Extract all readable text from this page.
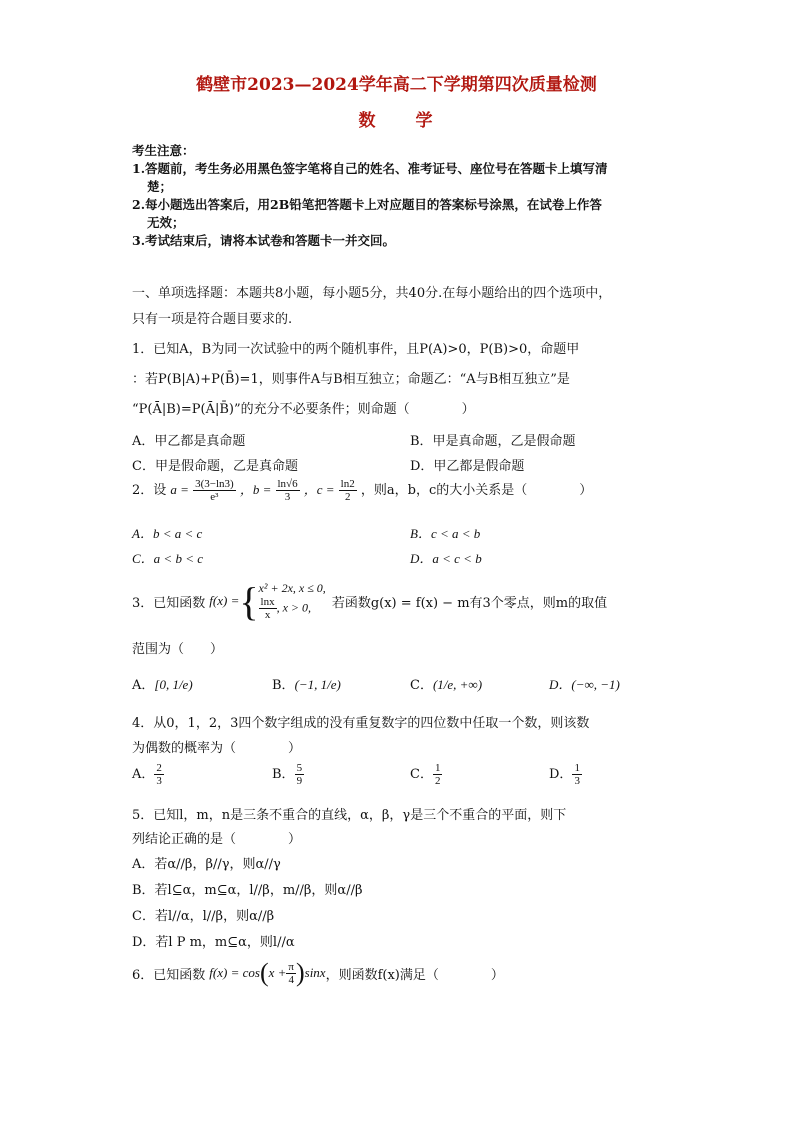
鹤壁市2023—2024学年高二下学期第四次质量检测
数　　学
考生注意：
1.答题前，考生务必用黑色签字笔将自己的姓名、准考证号、座位号在答题卡上填写清
楚；
2.每小题选出答案后，用2B铅笔把答题卡上对应题目的答案标号涂黑，在试卷上作答
无效；
3.考试结束后，请将本试卷和答题卡一并交回。
一、单项选择题：本题共8小题，每小题5分，共40分.在每小题给出的四个选项中，
只有一项是符合题目要求的.
1．已知A，B为同一次试验中的两个随机事件，且P(A)>0，P(B)>0，命题甲
：若P(B|A)+P(B̄)=1，则事件A与B相互独立；命题乙：“A与B相互独立”是
“P(Ā|B)=P(Ā|B̄)”的充分不必要条件；则命题（　　　　）
A．甲乙都是真命题	B．甲是真命题，乙是假命题
C．甲是假命题，乙是真命题	D．甲乙都是假命题
2．设 $a = \frac{3(3-\ln 3)}{\text{e³}}$ ，$b = \frac{\ln√6}{3}$ ，$c = \frac{\ln 2}{2}$ ，则a，b，c的大小关系是（　　　　）
A．b < a < c	B．c < a < b
C．a < b < c	D．a < c < b
3．已知函数 f(x) = { x² + 2x, x ≤ 0,
$\frac{\ln x}{x}$ , x > 0,	若函数g(x) = f(x) − m有3个零点，则m的取值
范围为（　　）
A．[0, 1/e)	B．(−1, 1/e)	C．(1/e, +∞)	D．(−∞, −1)
4．从0，1，2，3四个数字组成的没有重复数字的四位数中任取一个数，则该数
为偶数的概率为（　　　　）
A． $\frac{2}{3}$	B． $\frac{5}{9}$	C． $\frac{1}{2}$	D． $\frac{1}{3}$
5．已知l，m，n是三条不重合的直线，α，β，γ是三个不重合的平面，则下
列结论正确的是（　　　　）
A．若α//β，β//γ，则α//γ
B．若l⊆α，m⊆α，l//β，m//β，则α//β
C．若l//α，l//β，则α//β
D．若l P m，m⊆α，则l//α
6．已知函数 f(x) = cos ( $x + \frac{\pi}{4}$ ) sinx ，则函数f(x)满足（　　　　）
